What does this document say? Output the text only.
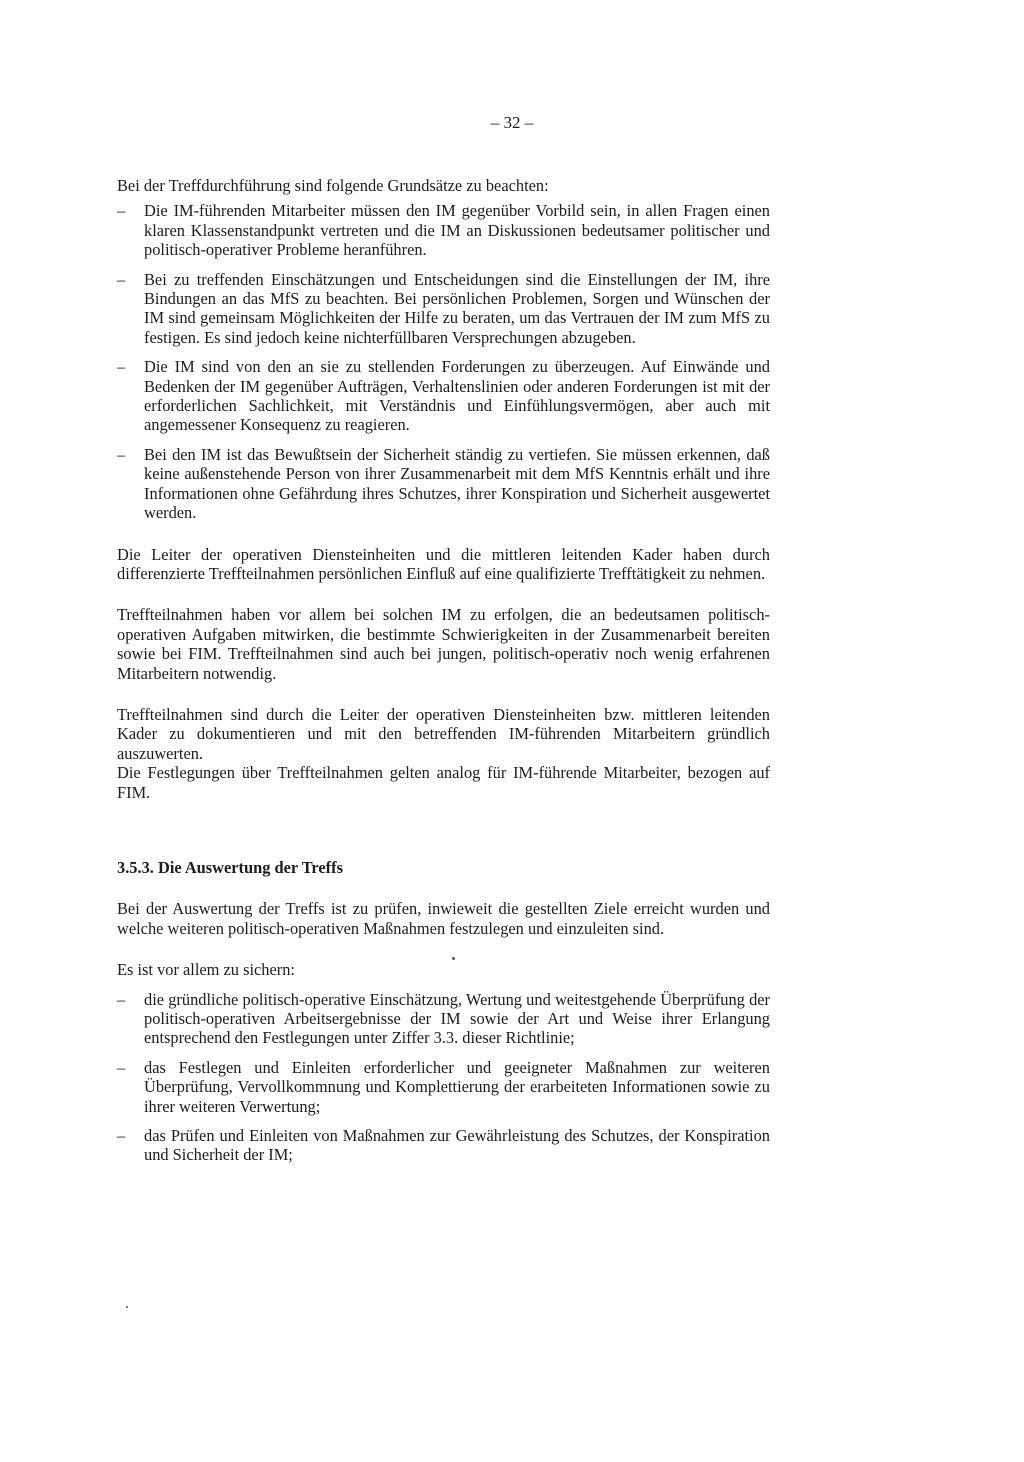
– 32 –

Bei der Treffdurchführung sind folgende Grundsätze zu beachten:

– Die IM-führenden Mitarbeiter müssen den IM gegenüber Vorbild sein, in allen Fragen einen klaren Klassenstandpunkt vertreten und die IM an Diskussionen bedeutsamer politischer und politisch-operativer Probleme heranführen.
– Bei zu treffenden Einschätzungen und Entscheidungen sind die Einstellungen der IM, ihre Bindungen an das MfS zu beachten. Bei persönlichen Problemen, Sorgen und Wünschen der IM sind gemeinsam Möglichkeiten der Hilfe zu beraten, um das Vertrauen der IM zum MfS zu festigen. Es sind jedoch keine nichterfüllbaren Versprechungen abzugeben.
– Die IM sind von den an sie zu stellenden Forderungen zu überzeugen. Auf Einwände und Bedenken der IM gegenüber Aufträgen, Verhaltenslinien oder anderen Forderungen ist mit der erforderlichen Sachlichkeit, mit Verständnis und Einfühlungsvermögen, aber auch mit angemessener Konsequenz zu reagieren.
– Bei den IM ist das Bewußtsein der Sicherheit ständig zu vertiefen. Sie müssen erkennen, daß keine außenstehende Person von ihrer Zusammenarbeit mit dem MfS Kenntnis erhält und ihre Informationen ohne Gefährdung ihres Schutzes, ihrer Konspiration und Sicherheit ausgewertet werden.

Die Leiter der operativen Diensteinheiten und die mittleren leitenden Kader haben durch differenzierte Treffteilnahmen persönlichen Einfluß auf eine qualifizierte Trefftätigkeit zu nehmen.

Treffteilnahmen haben vor allem bei solchen IM zu erfolgen, die an bedeutsamen politisch-operativen Aufgaben mitwirken, die bestimmte Schwierigkeiten in der Zusammenarbeit bereiten sowie bei FIM. Treffteilnahmen sind auch bei jungen, politisch-operativ noch wenig erfahrenen Mitarbeitern notwendig.

Treffteilnahmen sind durch die Leiter der operativen Diensteinheiten bzw. mittleren leitenden Kader zu dokumentieren und mit den betreffenden IM-führenden Mitarbeitern gründlich auszuwerten.

Die Festlegungen über Treffteilnahmen gelten analog für IM-führende Mitarbeiter, bezogen auf FIM.

3.5.3. Die Auswertung der Treffs

Bei der Auswertung der Treffs ist zu prüfen, inwieweit die gestellten Ziele erreicht wurden und welche weiteren politisch-operativen Maßnahmen festzulegen und einzuleiten sind.

Es ist vor allem zu sichern:

– die gründliche politisch-operative Einschätzung, Wertung und weitestgehende Überprüfung der politisch-operativen Arbeitsergebnisse der IM sowie der Art und Weise ihrer Erlangung entsprechend den Festlegungen unter Ziffer 3.3. dieser Richtlinie;
– das Festlegen und Einleiten erforderlicher und geeigneter Maßnahmen zur weiteren Überprüfung, Vervollkommnung und Komplettierung der erarbeiteten Informationen sowie zu ihrer weiteren Verwertung;
– das Prüfen und Einleiten von Maßnahmen zur Gewährleistung des Schutzes, der Konspiration und Sicherheit der IM;
